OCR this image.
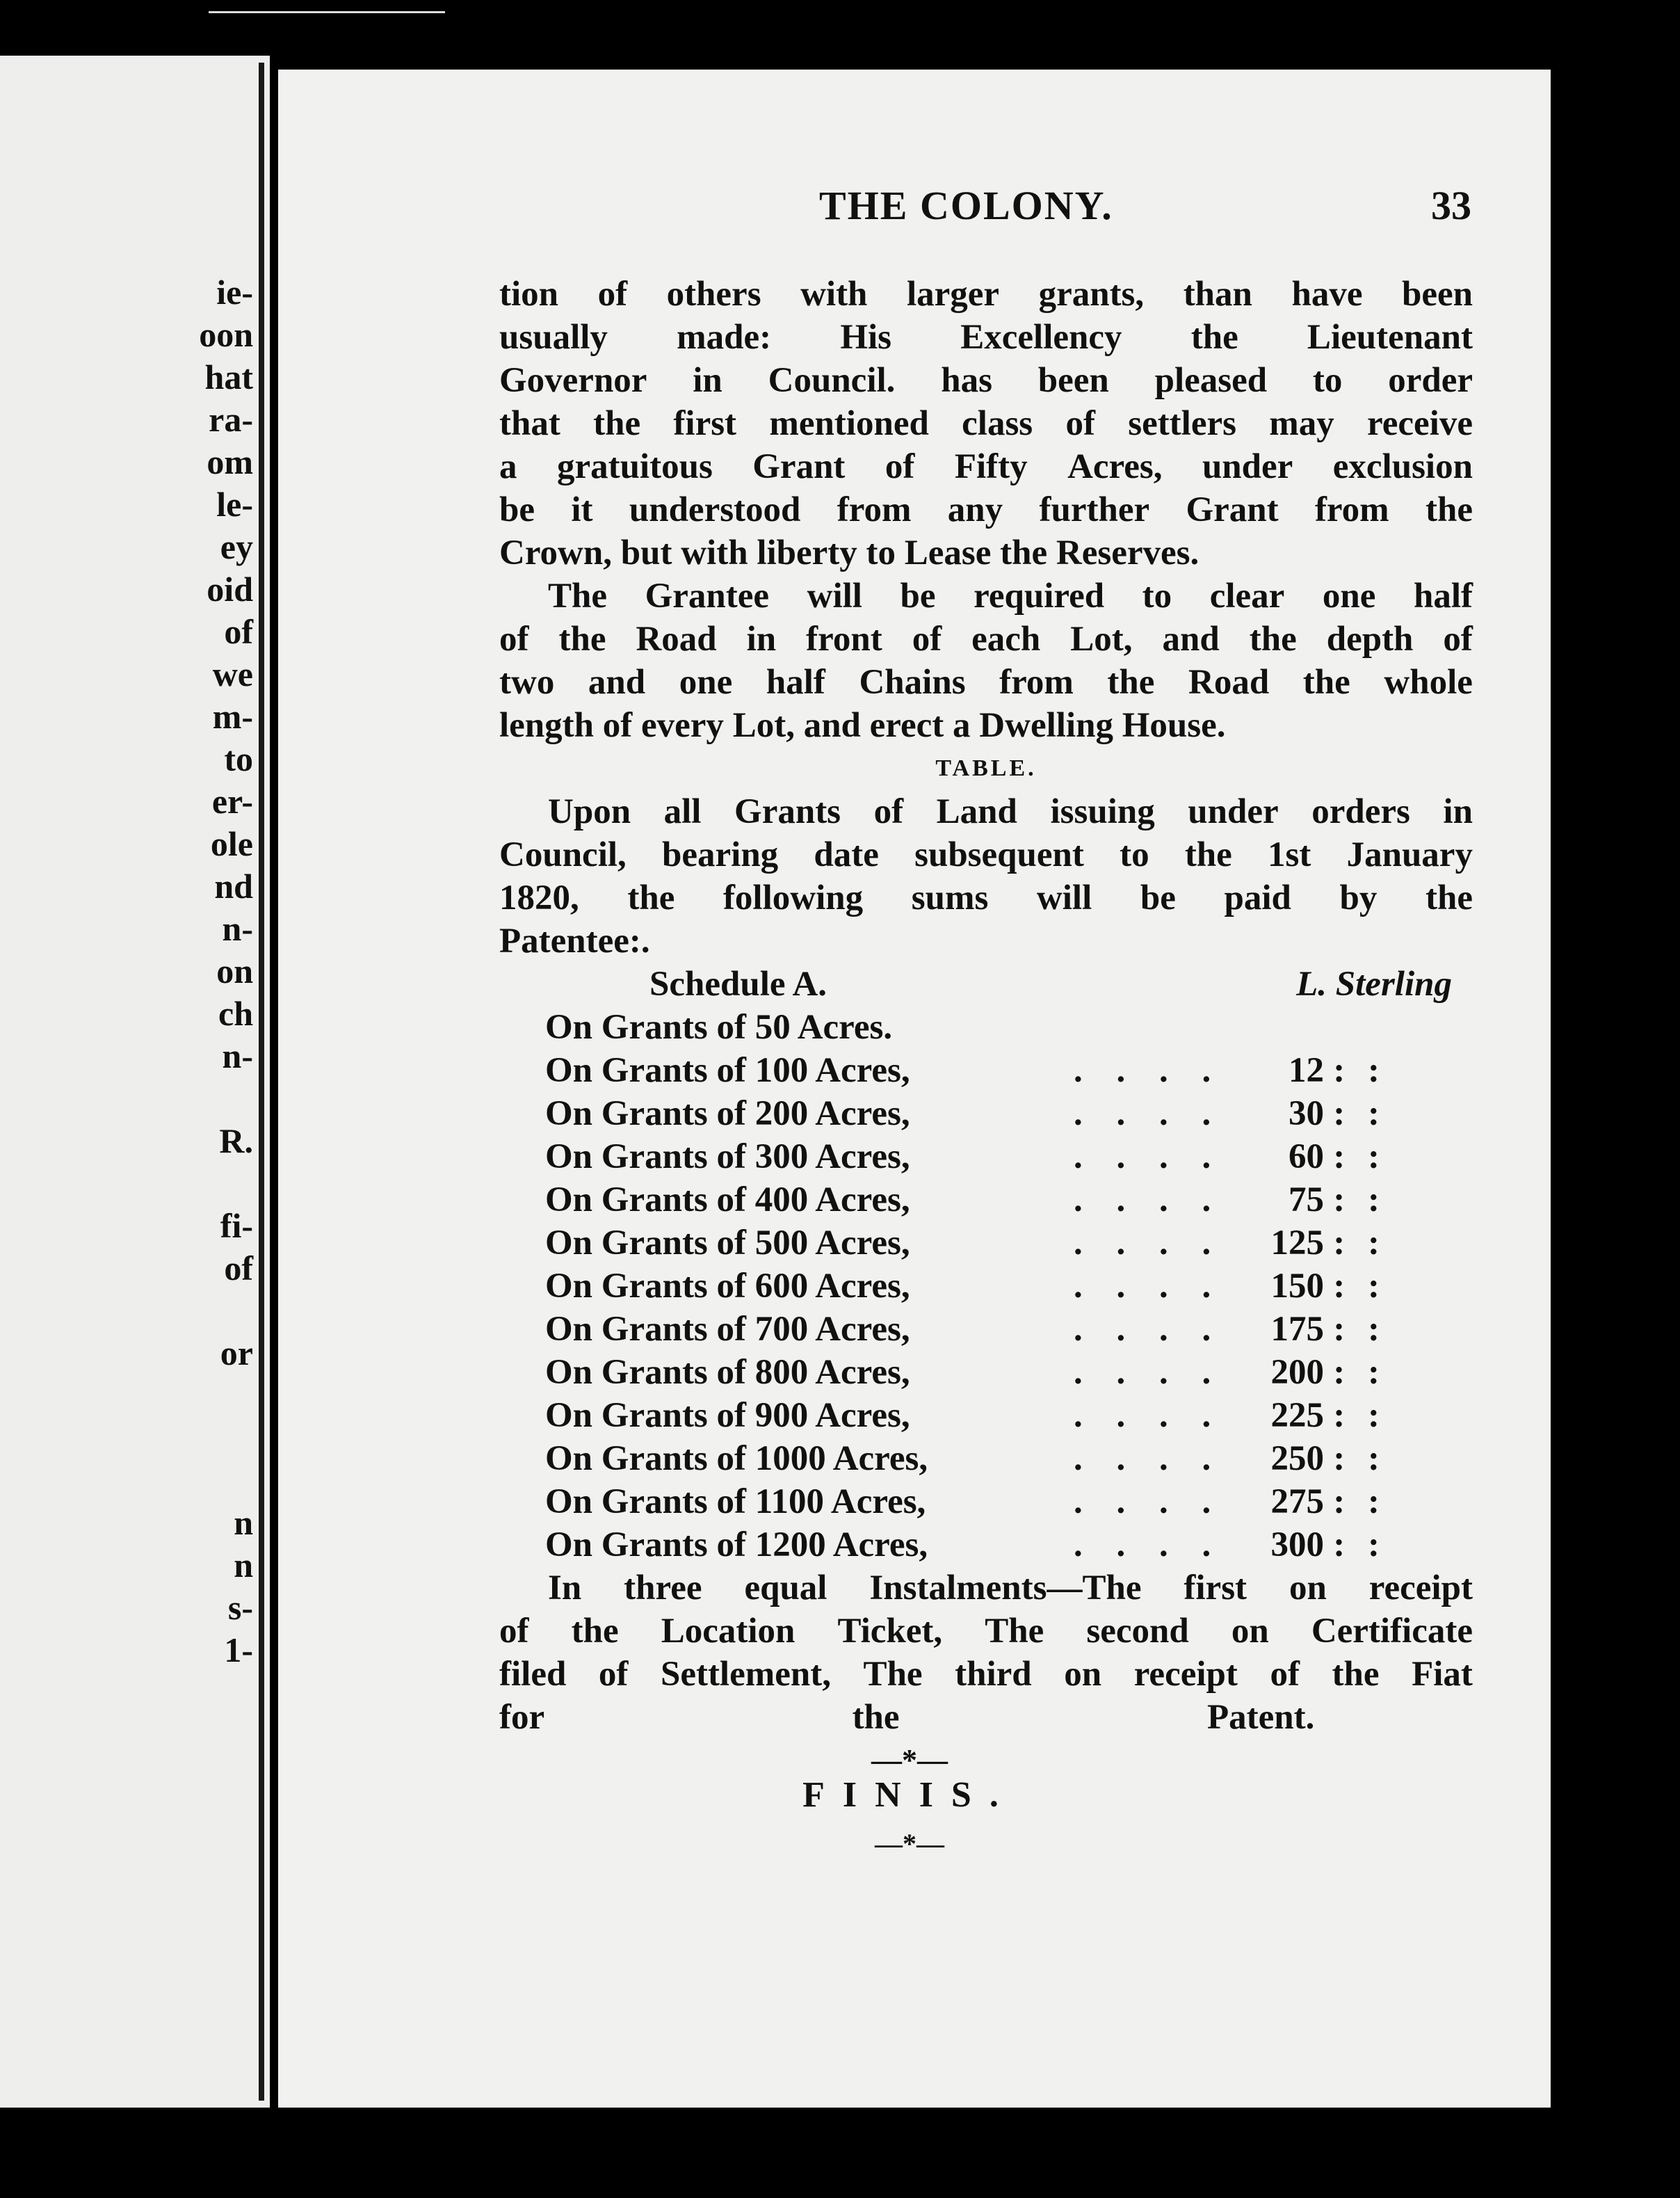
ie-
oon
hat
ra-
om
le-
ey
oid
of
we
m-
to
er-
ole
nd
n-
on
ch
n-
R.
fi-
of
or
n
n
s-
1-
THE COLONY.	33
tion of others with larger grants, than have been
usually made: His Excellency the Lieutenant
Governor in Council. has been pleased to order
that the first mentioned class of settlers may receive
a gratuitous Grant of Fifty Acres, under exclusion
be it understood from any further Grant from the
Crown,
but
with
liberty
to
Lease
the
Reserves.

The Grantee will be required to clear one half
of the Road in front of each Lot, and the depth of
two and one half Chains from the Road the whole
length
of
every
Lot,
and
erect
a
Dwelling
House.

TABLE.
Upon all Grants of Land issuing under orders in
Council, bearing date subsequent to the 1st January
1820, the following sums will be paid by the
Patentee:.

Schedule A.	L. Sterling
On Grants of 50 Acres.
On Grants of 100 Acres,	. . . .	12 : :
On Grants of 200 Acres,	. . . .	30 : :
On Grants of 300 Acres,	. . . .	60 : :
On Grants of 400 Acres,	. . . .	75 : :
On Grants of 500 Acres,	. . . .	125 : :
On Grants of 600 Acres,	. . . .	150 : :
On Grants of 700 Acres,	. . . .	175 : :
On Grants of 800 Acres,	. . . .	200 : :
On Grants of 900 Acres,	. . . .	225 : :
On Grants of 1000 Acres,	. . . .	250 : :
On Grants of 1100 Acres,	. . . .	275 : :
On Grants of 1200 Acres,	. . . .	300 : :
In three equal Instalments—The first on receipt
of the Location Ticket, The second on Certificate
filed of Settlement, The third on receipt of the Fiat
for
	the
	Patent.

—*—
FINIS.
—*—
